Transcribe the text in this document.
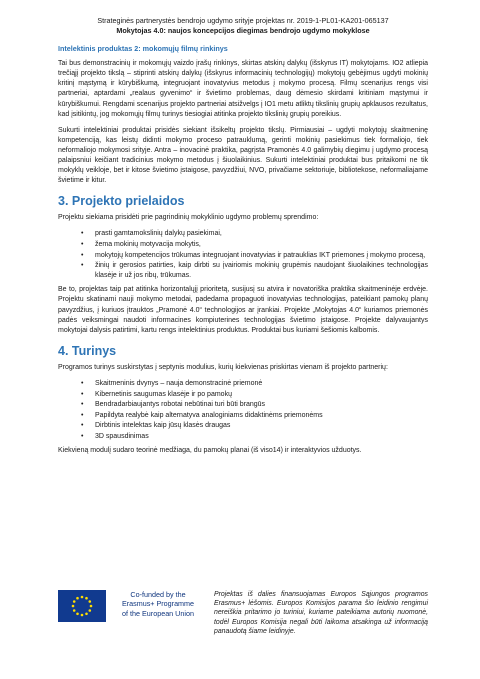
Strateginės partnerystės bendrojo ugdymo srityje projektas nr. 2019-1-PL01-KA201-065137
Mokytojas 4.0: naujos koncepcijos diegimas bendrojo ugdymo mokyklose
Intelektinis produktas 2: mokomųjų filmų rinkinys

Tai bus demonstracinių ir mokomųjų vaizdo įrašų rinkinys, skirtas atskirų dalykų (išskyrus IT) mokytojams. IO2 atliepia trečiąjį projekto tikslą – stiprinti atskirų dalykų (išskyrus informacinių technologijų) mokytojų gebėjimus ugdyti mokinių kritinį mąstymą ir kūrybiškumą, integruojant inovatyvius metodus į mokymo procesą. Filmų scenarijus rengs visi partneriai, aptardami „realaus gyvenimo“ ir švietimo problemas, daug dėmesio skirdami kritiniam mąstymui ir kūrybiškumui. Rengdami scenarijus projekto partneriai atsižvelgs į IO1 metu atliktų tikslinių grupių apklausos rezultatus, kad įsitikintų, jog mokomųjų filmų turinys tiesiogiai atitinka projekto tikslinių grupių poreikius.

Sukurti intelektiniai produktai prisidės siekiant išsikeltų projekto tikslų. Pirmiausiai – ugdyti mokytojų skaitmeninę kompetenciją, kas leistų didinti mokymo proceso patrauklumą, gerinti mokinių pasiekimus tiek formaliojo, tiek neformaliojo mokymosi srityje. Antra – inovacinė praktika, pagrįsta Pramonės 4.0 galimybių diegimu į ugdymo procesą palaipsniui keičiant tradicinius mokymo metodus į šiuolaikinius. Sukurti intelektiniai produktai bus pritaikomi ne tik mokyklų veikloje, bet ir kitose švietimo įstaigose, pavyzdžiui, NVO, privačiame sektoriuje, bibliotekose, neformaliajame švietime ir kitur.

3. Projekto prielaidos

Projektu siekiama prisidėti prie pagrindinių mokyklinio ugdymo problemų sprendimo:

• prasti gamtamokslinių dalykų pasiekimai,
• žema mokinių motyvacija mokytis,
• mokytojų kompetencijos trūkumas integruojant inovatyvias ir patrauklias IKT priemones į mokymo procesą,
• žinių ir gerosios patirties, kaip dirbti su įvairiomis mokinių grupėmis naudojant šiuolaikines technologijas klasėje ir už jos ribų, trūkumas.

Be to, projektas taip pat atitinka horizontalųjį prioritetą, susijusį su atvira ir novatoriška praktika skaitmeninėje erdvėje. Projektu skatinami nauji mokymo metodai, padedama propaguoti inovatyvias technologijas, pateikiant pamokų planų pavyzdžius, į kuriuos įtrauktos „Pramonė 4.0“ technologijos ar įrankiai. Projekte „Mokytojas 4.0“ kuriamos priemonės padės veiksmingai naudoti informacines kompiuterines technologijas švietimo įstaigose. Projekte dalyvaujantys mokytojai dalysis patirtimi, kartu rengs intelektinius produktus. Produktai bus kuriami šešiomis kalbomis.

4. Turinys

Programos turinys suskirstytas į septynis modulius, kurių kiekvienas priskirtas vienam iš projekto partnerių:

• Skaitmeninis dvynys – nauja demonstracinė priemonė
• Kibernetinis saugumas klasėje ir po pamokų
• Bendradarbiaujantys robotai nebūtinai turi būti brangūs
• Papildyta realybė kaip alternatyva analoginiams didaktinėms priemonėms
• Dirbtinis intelektas kaip jūsų klasės draugas
• 3D spausdinimas

Kiekvieną modulį sudaro teorinė medžiaga, du pamokų planai (iš viso14) ir interaktyvios užduotys.

Co-funded by the
Erasmus+ Programme
of the European Union
Projektas iš dalies finansuojamas Europos Sąjungos programos Erasmus+ lėšomis. Europos Komisijos parama šio leidinio rengimui nereiškia pritarimo jo turiniui, kuriame pateikiama autorių nuomonė, todėl Europos Komisija negali būti laikoma atsakinga už informaciją panaudotą šiame leidinyje.
